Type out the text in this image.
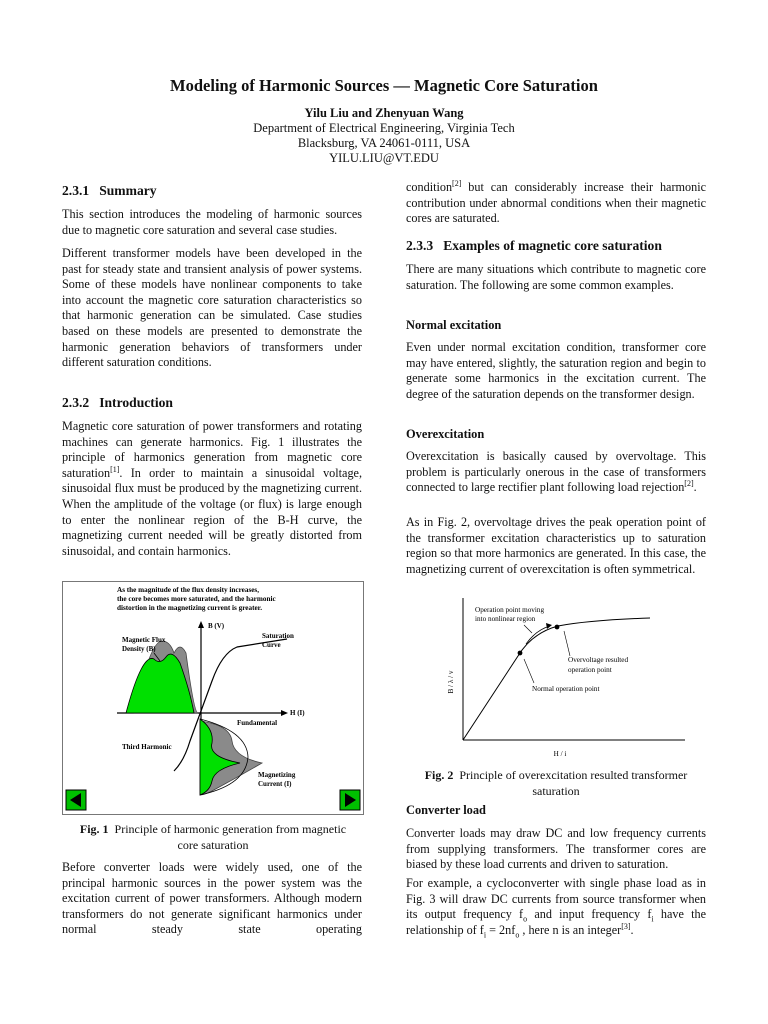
Modeling of Harmonic Sources — Magnetic Core Saturation
Yilu Liu and Zhenyuan Wang
Department of Electrical Engineering, Virginia Tech
Blacksburg, VA 24061-0111, USA
YILU.LIU@VT.EDU
2.3.1 Summary

This section introduces the modeling of harmonic sources due to magnetic core saturation and several case studies.

Different transformer models have been developed in the past for steady state and transient analysis of power systems. Some of these models have nonlinear components to take into account the magnetic core saturation characteristics so that harmonic generation can be simulated. Case studies based on these models are presented to demonstrate the harmonic generation behaviors of transformers under different saturation conditions.

2.3.2 Introduction

Magnetic core saturation of power transformers and rotating machines can generate harmonics. Fig. 1 illustrates the principle of harmonics generation from magnetic core saturation[1]. In order to maintain a sinusoidal voltage, sinusoidal flux must be produced by the magnetizing current. When the amplitude of the voltage (or flux) is large enough to enter the nonlinear region of the B-H curve, the magnetizing current needed will be greatly distorted from sinusoidal, and contain harmonics.

As the magnitude of the flux density increases,
the core becomes more saturated, and the harmonic
distortion in the magnetizing current is greater.
B (V)
H (I)
Saturation
Curve
Magnetic Flux
Density (B)
Fundamental
Third Harmonic
Magnetizing
Current (I)
Fig. 1 Principle of harmonic generation from magnetic
core saturation

Before converter loads were widely used, one of the principal harmonic sources in the power system was the excitation current of power transformers. Although modern transformers do not generate significant harmonics under normal steady state operating

condition[2] but can considerably increase their harmonic contribution under abnormal conditions when their magnetic cores are saturated.

2.3.3 Examples of magnetic core saturation

There are many situations which contribute to magnetic core saturation. The following are some common examples.

Normal excitation

Even under normal excitation condition, transformer core may have entered, slightly, the saturation region and begin to generate some harmonics in the excitation current. The degree of the saturation depends on the transformer design.

Overexcitation

Overexcitation is basically caused by overvoltage. This problem is particularly onerous in the case of transformers connected to large rectifier plant following load rejection[2].

As in Fig. 2, overvoltage drives the peak operation point of the transformer excitation characteristics up to saturation region so that more harmonics are generated. In this case, the magnetizing current of overexcitation is often symmetrical.

Operation point moving
into nonlinear region
Overvoltage resulted
operation point
Normal operation point
B / λ / v
H / i
Fig. 2 Principle of overexcitation resulted transformer
saturation
Converter load

Converter loads may draw DC and low frequency currents from supplying transformers. The transformer cores are biased by these load currents and driven to saturation.

For example, a cycloconverter with single phase load as in Fig. 3 will draw DC currents from source transformer when its output frequency $f_o$ and input frequency $f_i$ have the relationship of $f_i = 2nf_o$ , here n is an integer[3].
